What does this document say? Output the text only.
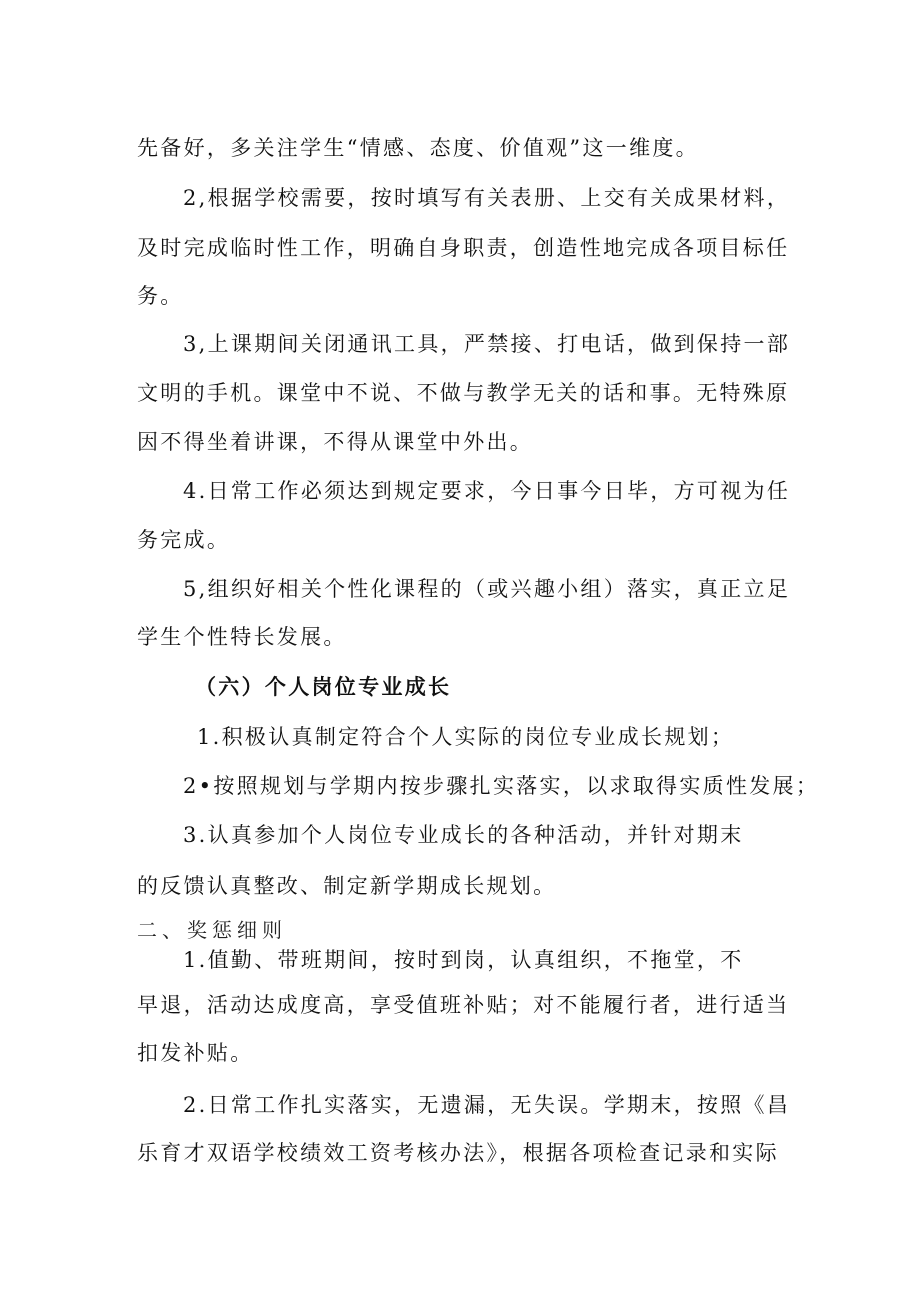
先备好，多关注学生“情感、态度、价值观”这一维度。
2,根据学校需要，按时填写有关表册、上交有关成果材料，
及时完成临时性工作，明确自身职责，创造性地完成各项目标任
务。
3,上课期间关闭通讯工具，严禁接、打电话，做到保持一部
文明的手机。课堂中不说、不做与教学无关的话和事。无特殊原
因不得坐着讲课，不得从课堂中外出。
4.日常工作必须达到规定要求，今日事今日毕，方可视为任
务完成。
5,组织好相关个性化课程的（或兴趣小组）落实，真正立足
学生个性特长发展。
（六）个人岗位专业成长
1.积极认真制定符合个人实际的岗位专业成长规划；
2•按照规划与学期内按步骤扎实落实，以求取得实质性发展；
3.认真参加个人岗位专业成长的各种活动，并针对期末
的反馈认真整改、制定新学期成长规划。
二、奖惩细则
1.值勤、带班期间，按时到岗，认真组织，不拖堂，不
早退，活动达成度高，享受值班补贴；对不能履行者，进行适当
扣发补贴。
2.日常工作扎实落实，无遗漏，无失误。学期末，按照《昌
乐育才双语学校绩效工资考核办法》，根据各项检查记录和实际
